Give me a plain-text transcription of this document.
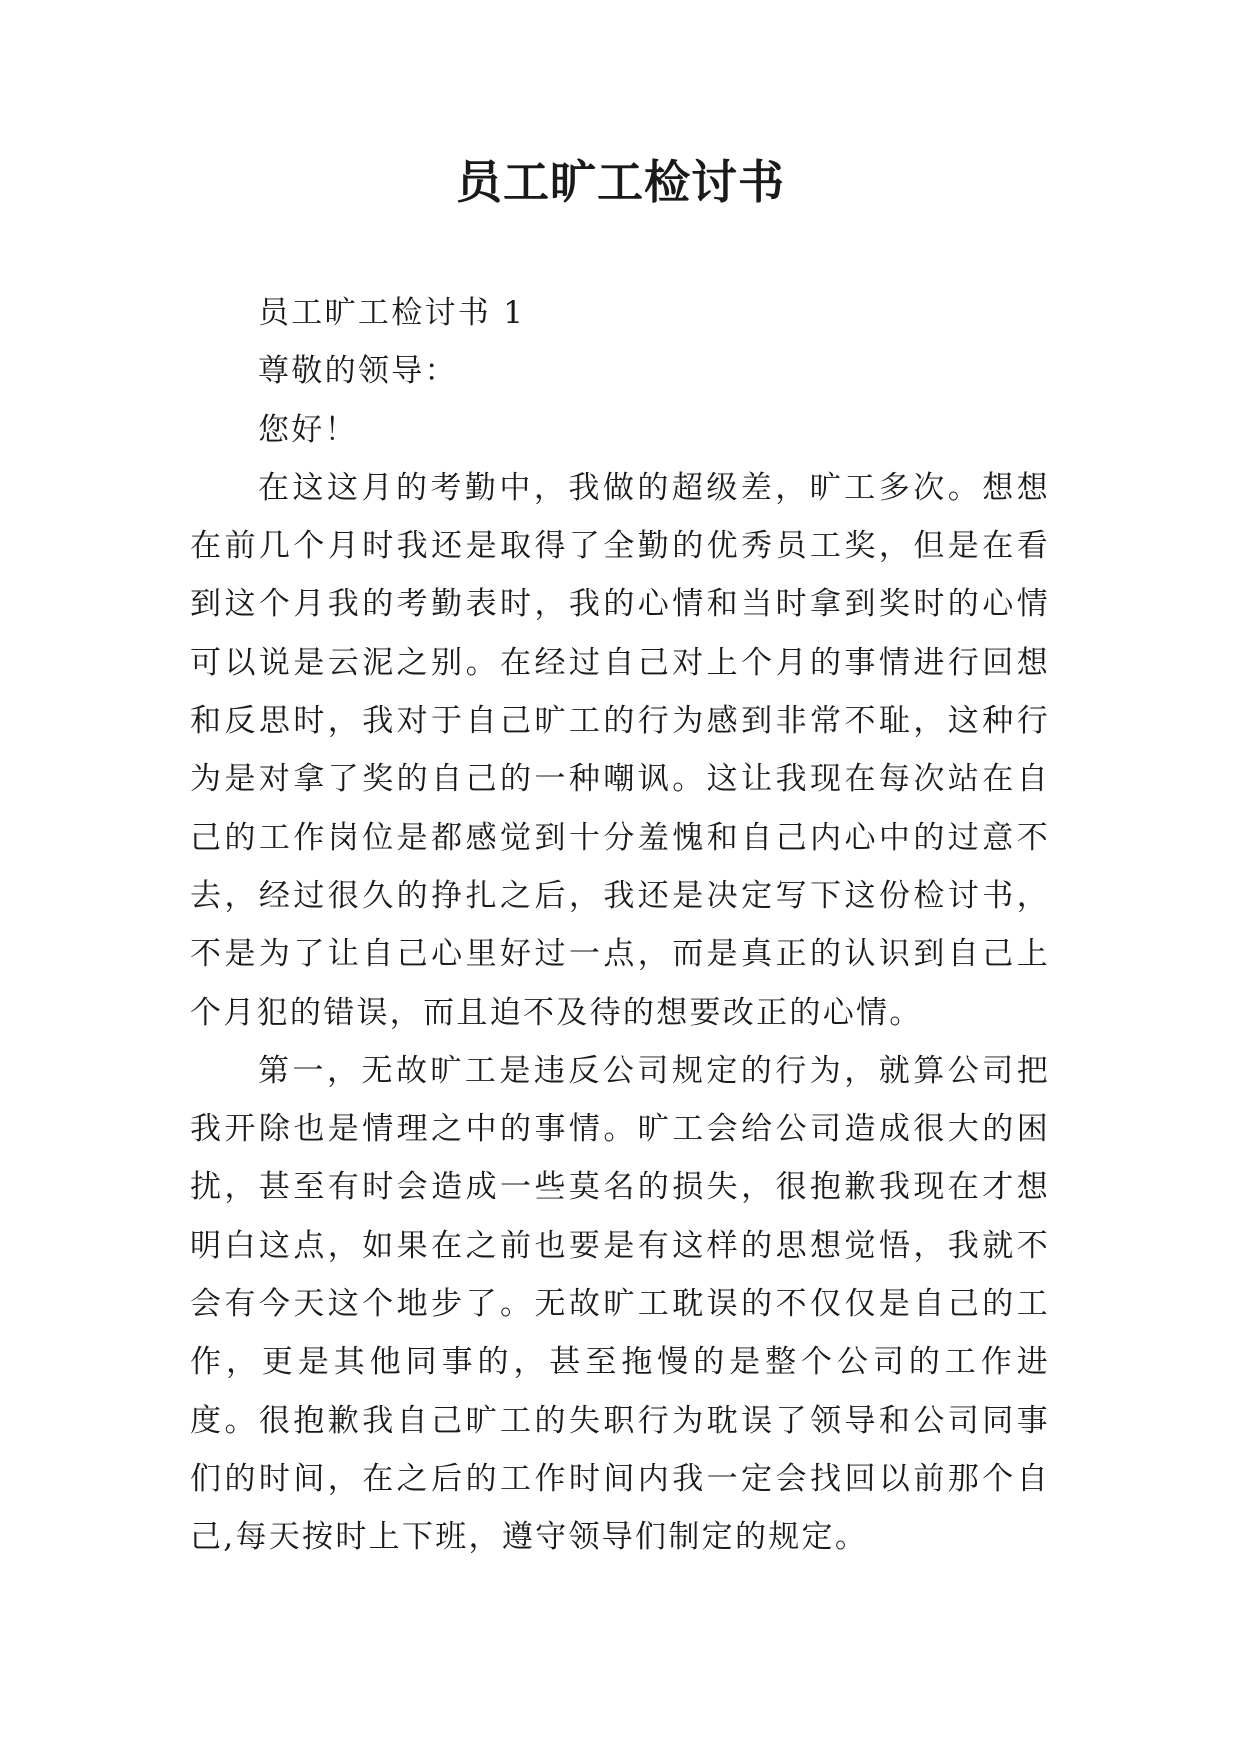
员工旷工检讨书

员工旷工检讨书 1

尊敬的领导：

您好！

在这这月的考勤中，我做的超级差，旷工多次。想想在前几个月时我还是取得了全勤的优秀员工奖，但是在看到这个月我的考勤表时，我的心情和当时拿到奖时的心情可以说是云泥之别。在经过自己对上个月的事情进行回想和反思时，我对于自己旷工的行为感到非常不耻，这种行为是对拿了奖的自己的一种嘲讽。这让我现在每次站在自己的工作岗位是都感觉到十分羞愧和自己内心中的过意不去，经过很久的挣扎之后，我还是决定写下这份检讨书，不是为了让自己心里好过一点，而是真正的认识到自己上个月犯的错误，而且迫不及待的想要改正的心情。

第一，无故旷工是违反公司规定的行为，就算公司把我开除也是情理之中的事情。旷工会给公司造成很大的困扰，甚至有时会造成一些莫名的损失，很抱歉我现在才想明白这点，如果在之前也要是有这样的思想觉悟，我就不会有今天这个地步了。无故旷工耽误的不仅仅是自己的工作，更是其他同事的，甚至拖慢的是整个公司的工作进度。很抱歉我自己旷工的失职行为耽误了领导和公司同事们的时间，在之后的工作时间内我一定会找回以前那个自己,每天按时上下班，遵守领导们制定的规定。
